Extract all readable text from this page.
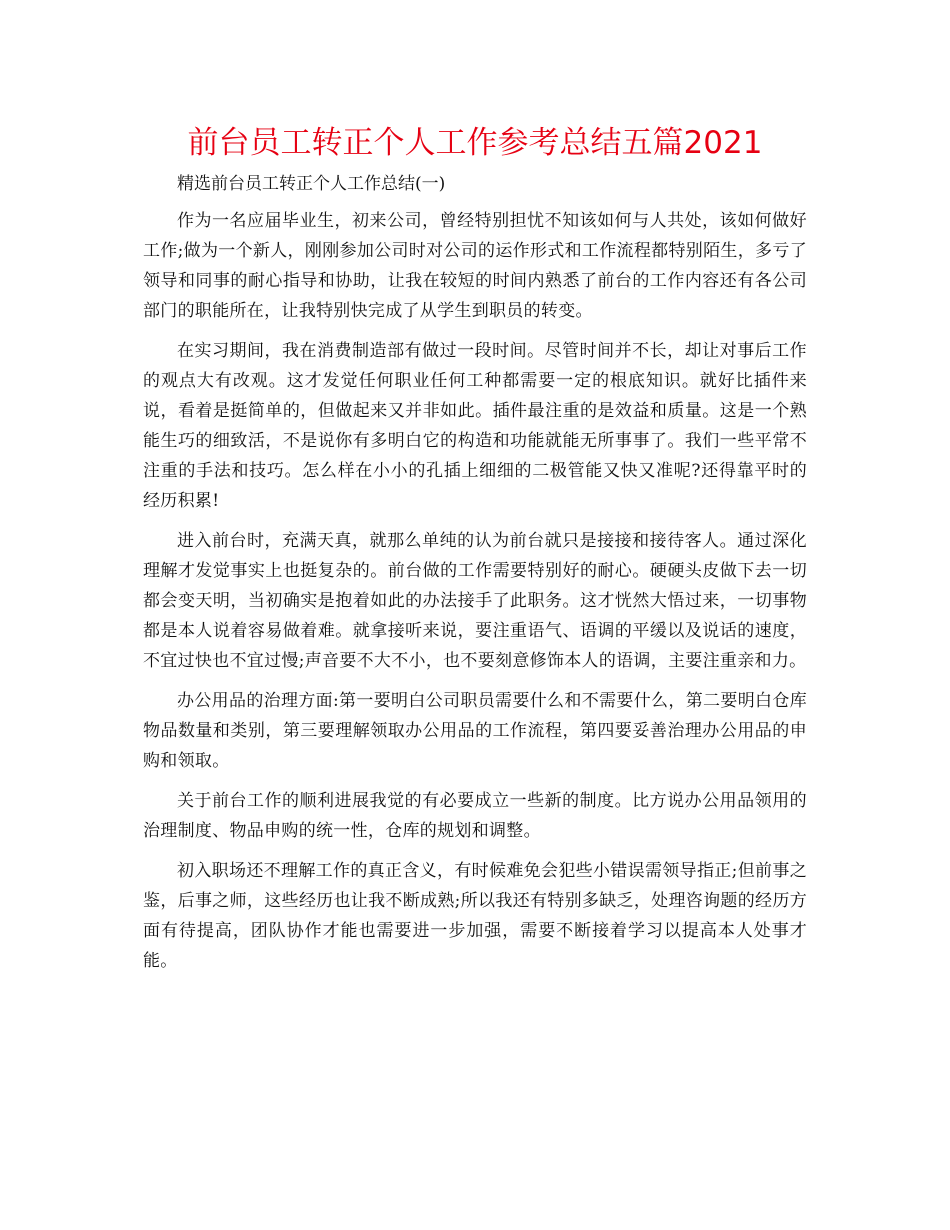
前台员工转正个人工作参考总结五篇2021

精选前台员工转正个人工作总结(一)

作为一名应届毕业生，初来公司，曾经特别担忧不知该如何与人共处，该如何做好工作;做为一个新人，刚刚参加公司时对公司的运作形式和工作流程都特别陌生，多亏了领导和同事的耐心指导和协助，让我在较短的时间内熟悉了前台的工作内容还有各公司部门的职能所在，让我特别快完成了从学生到职员的转变。

在实习期间，我在消费制造部有做过一段时间。尽管时间并不长，却让对事后工作的观点大有改观。这才发觉任何职业任何工种都需要一定的根底知识。就好比插件来说，看着是挺简单的，但做起来又并非如此。插件最注重的是效益和质量。这是一个熟能生巧的细致活，不是说你有多明白它的构造和功能就能无所事事了。我们一些平常不注重的手法和技巧。怎么样在小小的孔插上细细的二极管能又快又准呢?还得靠平时的经历积累!

进入前台时，充满天真，就那么单纯的认为前台就只是接接和接待客人。通过深化理解才发觉事实上也挺复杂的。前台做的工作需要特别好的耐心。硬硬头皮做下去一切都会变天明，当初确实是抱着如此的办法接手了此职务。这才恍然大悟过来，一切事物都是本人说着容易做着难。就拿接听来说，要注重语气、语调的平缓以及说话的速度，不宜过快也不宜过慢;声音要不大不小，也不要刻意修饰本人的语调，主要注重亲和力。

办公用品的治理方面:第一要明白公司职员需要什么和不需要什么，第二要明白仓库物品数量和类别，第三要理解领取办公用品的工作流程，第四要妥善治理办公用品的申购和领取。

关于前台工作的顺利进展我觉的有必要成立一些新的制度。比方说办公用品领用的治理制度、物品申购的统一性，仓库的规划和调整。

初入职场还不理解工作的真正含义，有时候难免会犯些小错误需领导指正;但前事之鉴，后事之师，这些经历也让我不断成熟;所以我还有特别多缺乏，处理咨询题的经历方面有待提高，团队协作才能也需要进一步加强，需要不断接着学习以提高本人处事才能。
